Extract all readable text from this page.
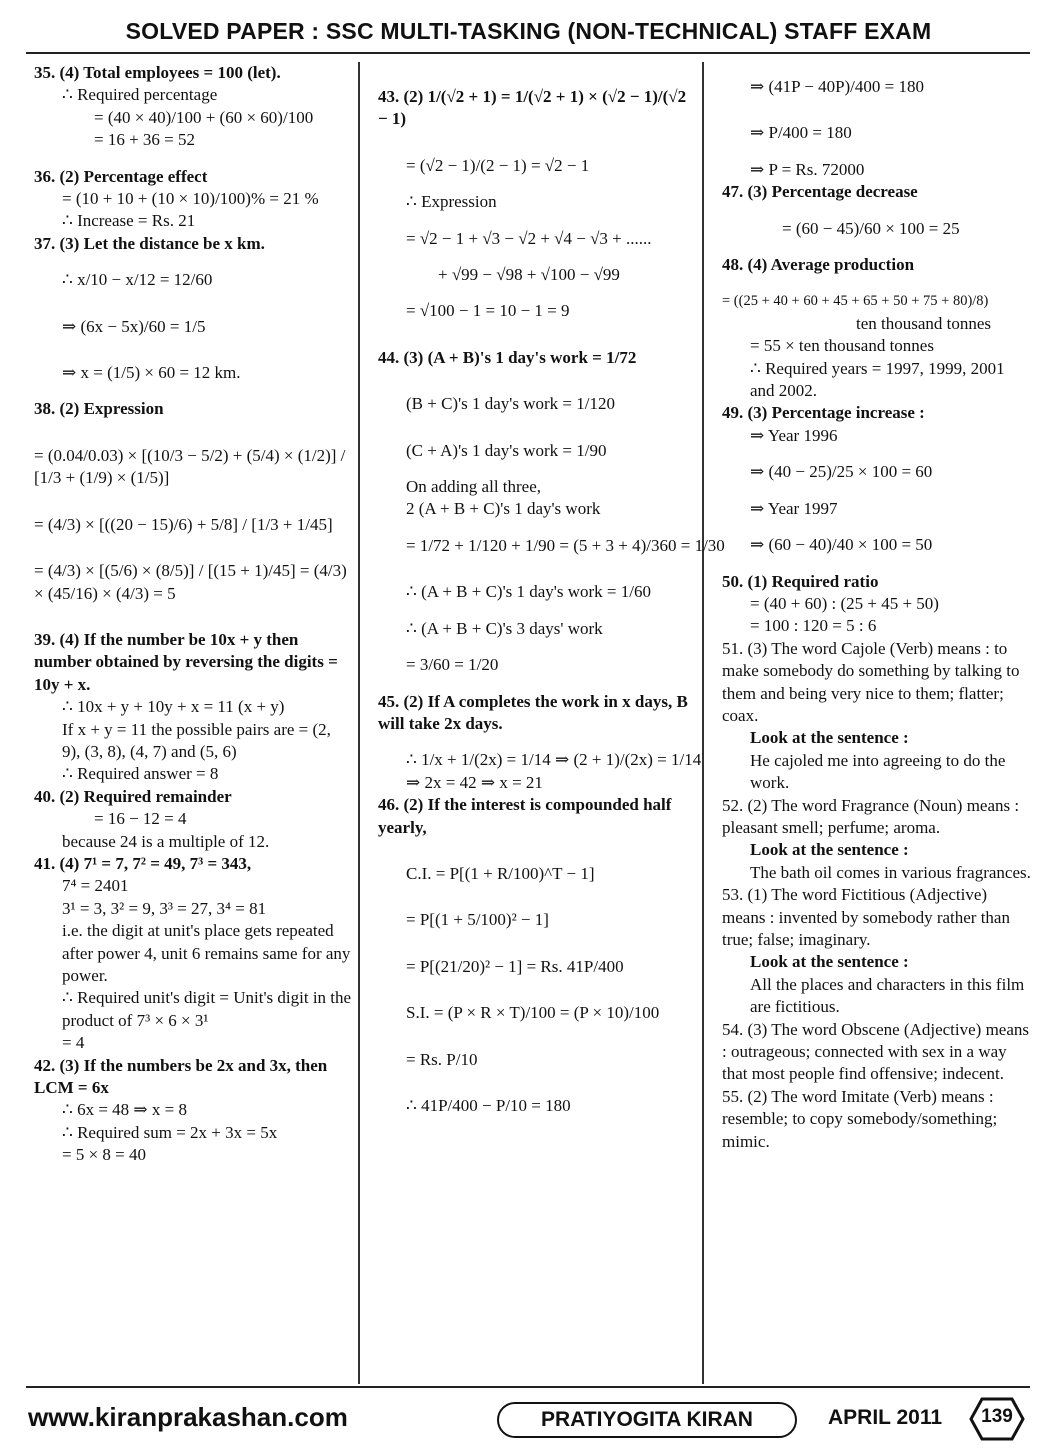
SOLVED PAPER : SSC MULTI-TASKING (NON-TECHNICAL) STAFF EXAM

35. (4) Total employees = 100 (let).

∴ Required percentage

= (40 × 40)/100 + (60 × 60)/100

= 16 + 36 = 52

36. (2) Percentage effect

= (10 + 10 + (10 × 10)/100)% = 21 %

∴ Increase = Rs. 21

37. (3) Let the distance be x km.

∴ x/10 − x/12 = 12/60

⇒ (6x − 5x)/60 = 1/5

⇒ x = (1/5) × 60 = 12 km.

38. (2) Expression

= (0.04/0.03) × [(10/3 − 5/2) + (5/4) × (1/2)] / [1/3 + (1/9) × (1/5)]

= (4/3) × [((20 − 15)/6) + 5/8] / [1/3 + 1/45]

= (4/3) × [(5/6) × (8/5)] / [(15 + 1)/45] = (4/3) × (45/16) × (4/3) = 5

39. (4) If the number be 10x + y then number obtained by reversing the digits = 10y + x.

∴ 10x + y + 10y + x = 11 (x + y)

If x + y = 11 the possible pairs are = (2, 9), (3, 8), (4, 7) and (5, 6)

∴ Required answer = 8

40. (2) Required remainder

= 16 − 12 = 4

because 24 is a multiple of 12.

41. (4) 7¹ = 7, 7² = 49, 7³ = 343,

7⁴ = 2401

3¹ = 3, 3² = 9, 3³ = 27, 3⁴ = 81

i.e. the digit at unit's place gets repeated after power 4, unit 6 remains same for any power.

∴ Required unit's digit = Unit's digit in the product of 7³ × 6 × 3¹

= 4

42. (3) If the numbers be 2x and 3x, then LCM = 6x

∴ 6x = 48 ⇒ x = 8

∴ Required sum = 2x + 3x = 5x

= 5 × 8 = 40

43. (2) 1/(√2 + 1) = 1/(√2 + 1) × (√2 − 1)/(√2 − 1)

= (√2 − 1)/(2 − 1) = √2 − 1

∴ Expression

= √2 − 1 + √3 − √2 + √4 − √3 + ......

+ √99 − √98 + √100 − √99

= √100 − 1 = 10 − 1 = 9

44. (3) (A + B)'s 1 day's work = 1/72

(B + C)'s 1 day's work = 1/120

(C + A)'s 1 day's work = 1/90

On adding all three,

2 (A + B + C)'s 1 day's work

= 1/72 + 1/120 + 1/90 = (5 + 3 + 4)/360 = 1/30

∴ (A + B + C)'s 1 day's work = 1/60

∴ (A + B + C)'s 3 days' work

= 3/60 = 1/20

45. (2) If A completes the work in x days, B will take 2x days.

∴ 1/x + 1/(2x) = 1/14 ⇒ (2 + 1)/(2x) = 1/14

⇒ 2x = 42 ⇒ x = 21

46. (2) If the interest is compounded half yearly,

C.I. = P[(1 + R/100)^T − 1]

= P[(1 + 5/100)² − 1]

= P[(21/20)² − 1] = Rs. 41P/400

S.I. = (P × R × T)/100 = (P × 10)/100

= Rs. P/10

∴ 41P/400 − P/10 = 180

⇒ (41P − 40P)/400 = 180

⇒ P/400 = 180

⇒ P = Rs. 72000

47. (3) Percentage decrease

= (60 − 45)/60 × 100 = 25

48. (4) Average production

= ((25 + 40 + 60 + 45 + 65 + 50 + 75 + 80)/8)

ten thousand tonnes

= 55 × ten thousand tonnes

∴ Required years = 1997, 1999, 2001 and 2002.

49. (3) Percentage increase :

⇒ Year 1996

⇒ (40 − 25)/25 × 100 = 60

⇒ Year 1997

⇒ (60 − 40)/40 × 100 = 50

50. (1) Required ratio

= (40 + 60) : (25 + 45 + 50)

= 100 : 120 = 5 : 6

51. (3) The word Cajole (Verb) means : to make somebody do something by talking to them and being very nice to them; flatter; coax.

Look at the sentence :

He cajoled me into agreeing to do the work.

52. (2) The word Fragrance (Noun) means : pleasant smell; perfume; aroma.

Look at the sentence :

The bath oil comes in various fragrances.

53. (1) The word Fictitious (Adjective) means : invented by somebody rather than true; false; imaginary.

Look at the sentence :

All the places and characters in this film are fictitious.

54. (3) The word Obscene (Adjective) means : outrageous; connected with sex in a way that most people find offensive; indecent.

55. (2) The word Imitate (Verb) means : resemble; to copy somebody/something; mimic.

www.kiranprakashan.com	PRATIYOGITA KIRAN	APRIL 2011	139
